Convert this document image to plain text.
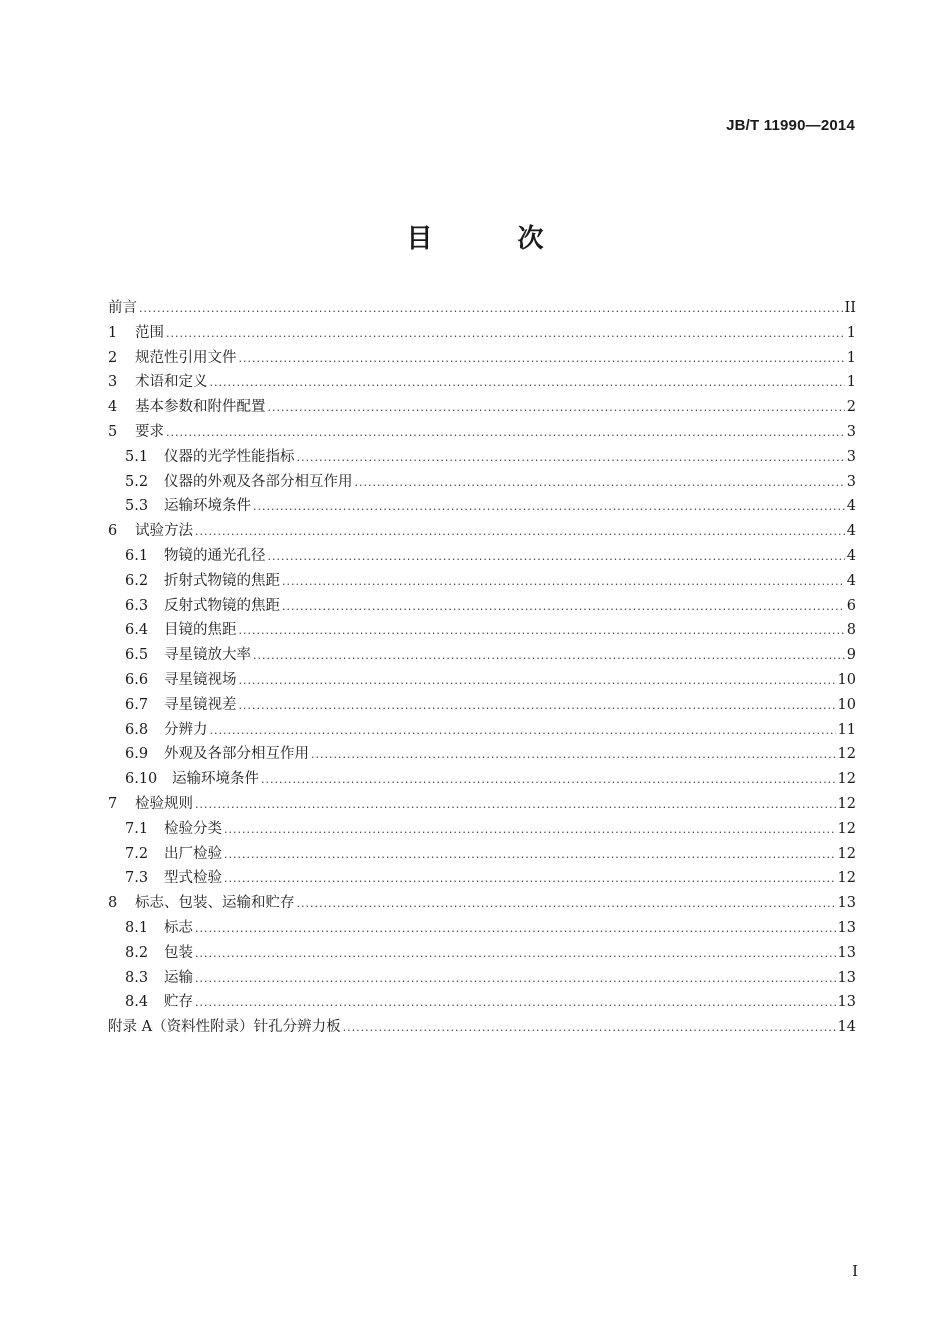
JB/T 11990—2014
目 次
前言 .....	II
1	范围 .....	1
2	规范性引用文件 .....	1
3	术语和定义 .....	1
4	基本参数和附件配置 .....	2
5	要求 .....	3
5.1	仪器的光学性能指标 .....	3
5.2	仪器的外观及各部分相互作用 .....	3
5.3	运输环境条件 .....	4
6	试验方法 .....	4
6.1	物镜的通光孔径 .....	4
6.2	折射式物镜的焦距 .....	4
6.3	反射式物镜的焦距 .....	6
6.4	目镜的焦距 .....	8
6.5	寻星镜放大率 .....	9
6.6	寻星镜视场 .....	10
6.7	寻星镜视差 .....	10
6.8	分辨力 .....	11
6.9	外观及各部分相互作用 .....	12
6.10	运输环境条件 .....	12
7	检验规则 .....	12
7.1	检验分类 .....	12
7.2	出厂检验 .....	12
7.3	型式检验 .....	12
8	标志、包装、运输和贮存 .....	13
8.1	标志 .....	13
8.2	包装 .....	13
8.3	运输 .....	13
8.4	贮存 .....	13
附录 A（资料性附录）针孔分辨力板 .....	14
I
